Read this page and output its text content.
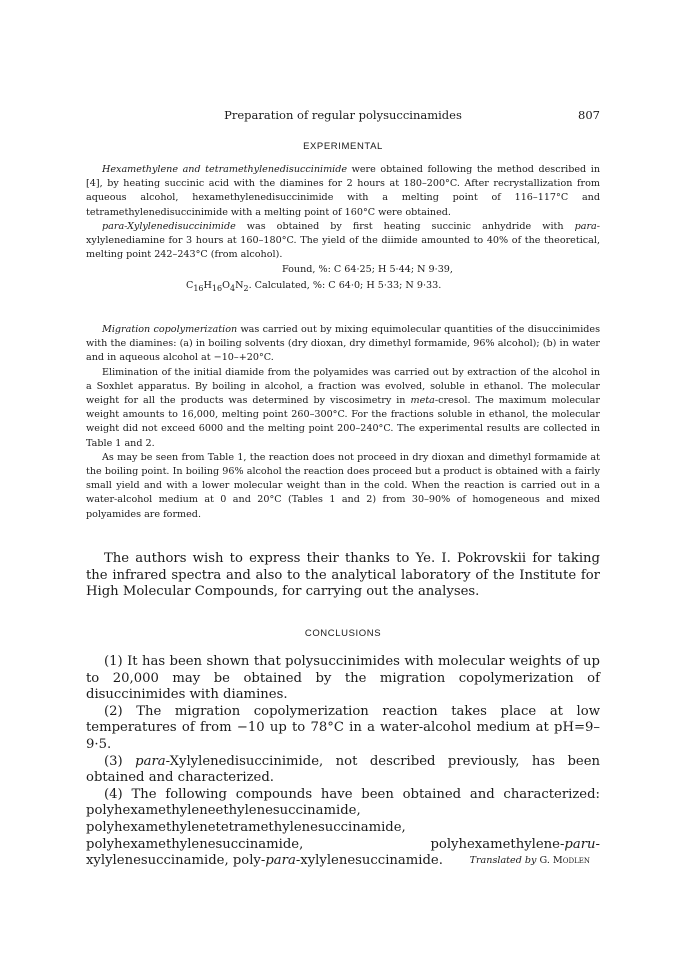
Preparation of regular polysuccinamides	807
EXPERIMENTAL

Hexamethylene and tetramethylenedisuccinimide were obtained following the method described in [4], by heating succinic acid with the diamines for 2 hours at 180–200°C. After recrystallization from aqueous alcohol, hexamethylenedisuccinimide with a melting point of 116–117°C and tetramethylenedisuccinimide with a melting point of 160°C were obtained.

para-Xylylenedisuccinimide was obtained by first heating succinic anhydride with para-xylylenediamine for 3 hours at 160–180°C. The yield of the diimide amounted to 40% of the theoretical, melting point 242–243°C (from alcohol).

Found, %: C 64·25; H 5·44; N 9·39,
$C_{16}H_{16}O_4N_2$. Calculated, %: C 64·0; H 5·33; N 9·33.

Migration copolymerization was carried out by mixing equimolecular quantities of the disuccinimides with the diamines: (a) in boiling solvents (dry dioxan, dry dimethyl formamide, 96% alcohol); (b) in water and in aqueous alcohol at −10–+20°C.

Elimination of the initial diamide from the polyamides was carried out by extraction of the alcohol in a Soxhlet apparatus. By boiling in alcohol, a fraction was evolved, soluble in ethanol. The molecular weight for all the products was determined by viscosimetry in meta-cresol. The maximum molecular weight amounts to 16,000, melting point 260–300°C. For the fractions soluble in ethanol, the molecular weight did not exceed 6000 and the melting point 200–240°C. The experimental results are collected in Table 1 and 2.

As may be seen from Table 1, the reaction does not proceed in dry dioxan and dimethyl formamide at the boiling point. In boiling 96% alcohol the reaction does proceed but a product is obtained with a fairly small yield and with a lower molecular weight than in the cold. When the reaction is carried out in a water-alcohol medium at 0 and 20°C (Tables 1 and 2) from 30–90% of homogeneous and mixed polyamides are formed.

The authors wish to express their thanks to Ye. I. Pokrovskii for taking the infrared spectra and also to the analytical laboratory of the Institute for High Molecular Compounds, for carrying out the analyses.

CONCLUSIONS

(1) It has been shown that polysuccinimides with molecular weights of up to 20,000 may be obtained by the migration copolymerization of disuccinimides with diamines.

(2) The migration copolymerization reaction takes place at low temperatures of from −10 up to 78°C in a water-alcohol medium at pH=9–9·5.

(3) para-Xylylenedisuccinimide, not described previously, has been obtained and characterized.

(4) The following compounds have been obtained and characterized: polyhexamethyleneethylenesuccinamide, polyhexamethylenetetramethylenesuccinamide, polyhexamethylenesuccinamide, polyhexamethylene-paru-xylylenesuccinamide, poly-para-xylylenesuccinamide.	Translated by G. Modlen
